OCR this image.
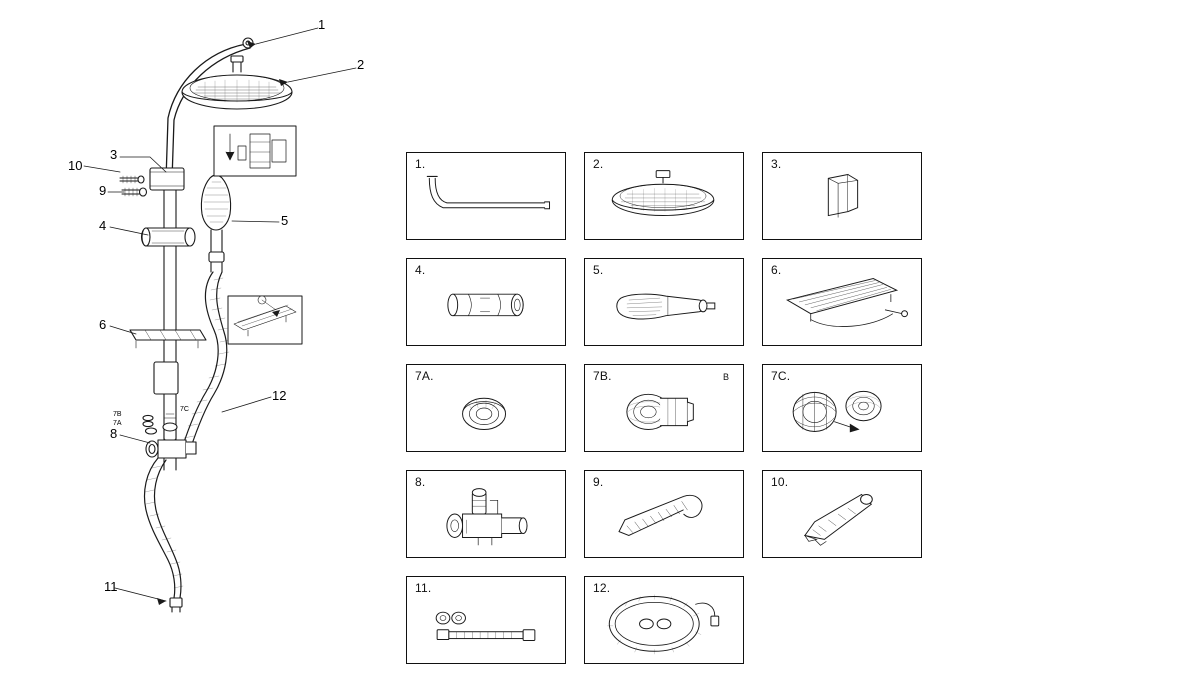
1
2
3
10
9
4	5
6
12
8
11
7B
7A
7C
1.	2.	3.
4.	5.	6.
7A.	7B.	B	7C.
8.	9.	10.
11.	12.
